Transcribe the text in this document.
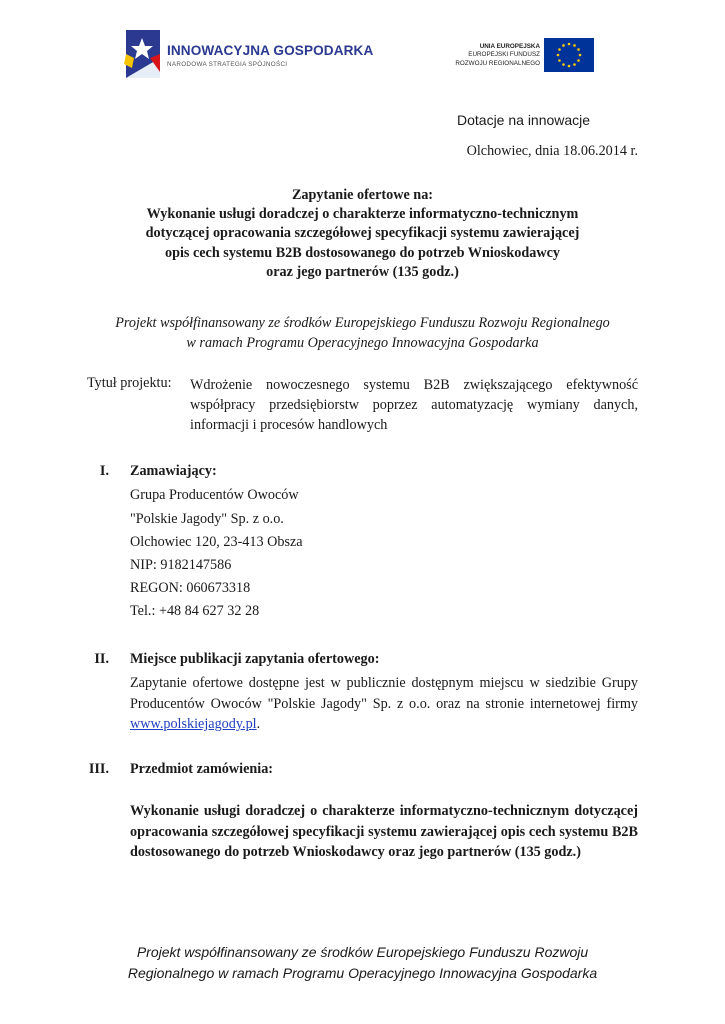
INNOWACYJNA GOSPODARKA
NARODOWA STRATEGIA SPÓJNOŚCI
UNIA EUROPEJSKA
EUROPEJSKI FUNDUSZ
ROZWOJU REGIONALNEGO
Dotacje na innowacje
Olchowiec, dnia 18.06.2014 r.
Zapytanie ofertowe na:
Wykonanie usługi doradczej o charakterze informatyczno-technicznym
dotyczącej opracowania szczegółowej specyfikacji systemu zawierającej
opis cech systemu B2B dostosowanego do potrzeb Wnioskodawcy
oraz jego partnerów (135 godz.)
Projekt współfinansowany ze środków Europejskiego Funduszu Rozwoju Regionalnego
w ramach Programu Operacyjnego Innowacyjna Gospodarka
Tytuł projektu: Wdrożenie nowoczesnego systemu B2B zwiększającego efektywność współpracy przedsiębiorstw poprzez automatyzację wymiany danych, informacji i procesów handlowych
I. Zamawiający:
Grupa Producentów Owoców
"Polskie Jagody" Sp. z o.o.
Olchowiec 120, 23-413 Obsza
NIP: 9182147586
REGON: 060673318
Tel.: +48 84 627 32 28
II. Miejsce publikacji zapytania ofertowego:
Zapytanie ofertowe dostępne jest w publicznie dostępnym miejscu w siedzibie Grupy Producentów Owoców "Polskie Jagody" Sp. z o.o. oraz na stronie internetowej firmy www.polskiejagody.pl.
III. Przedmiot zamówienia:
Wykonanie usługi doradczej o charakterze informatyczno-technicznym dotyczącej opracowania szczegółowej specyfikacji systemu zawierającej opis cech systemu B2B dostosowanego do potrzeb Wnioskodawcy oraz jego partnerów (135 godz.)
Projekt współfinansowany ze środków Europejskiego Funduszu Rozwoju
Regionalnego w ramach Programu Operacyjnego Innowacyjna Gospodarka
